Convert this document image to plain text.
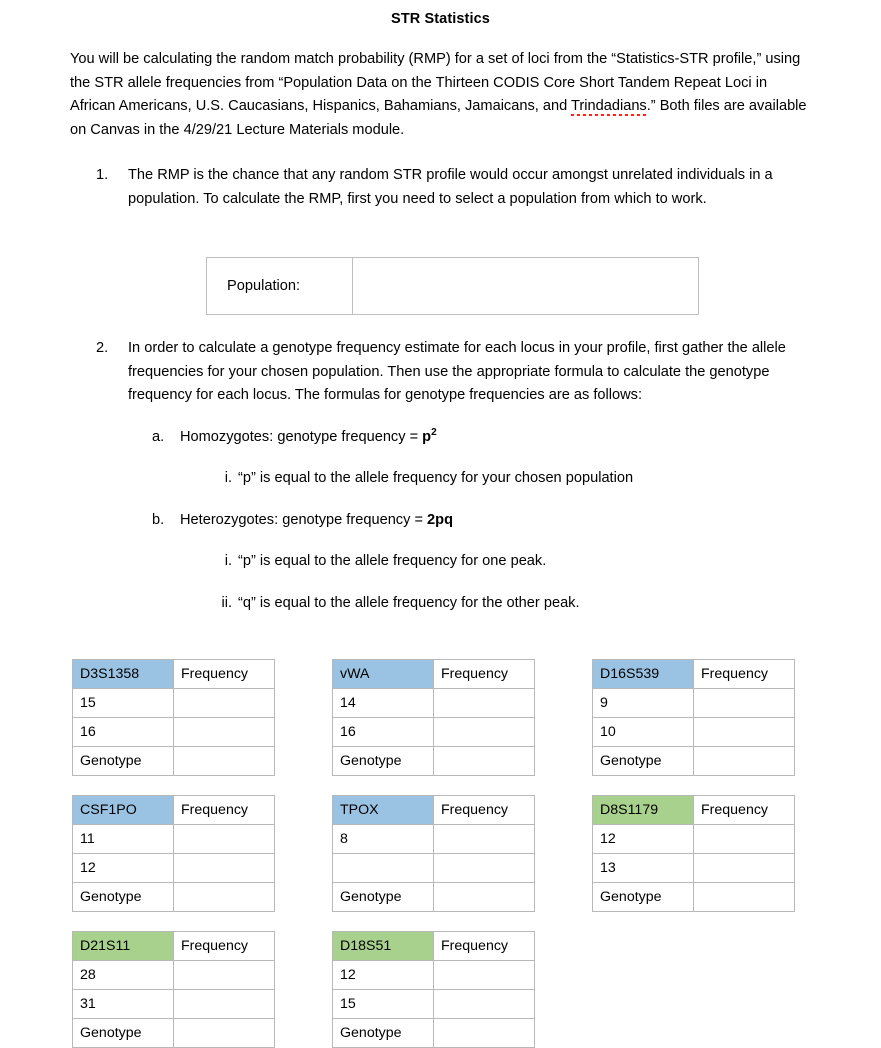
STR Statistics

You will be calculating the random match probability (RMP) for a set of loci from the “Statistics-STR profile,” using the STR allele frequencies from “Population Data on the Thirteen CODIS Core Short Tandem Repeat Loci in African Americans, U.S. Caucasians, Hispanics, Bahamians, Jamaicans, and Trindadians.” Both files are available on Canvas in the 4/29/21 Lecture Materials module.

1.	The RMP is the chance that any random STR profile would occur amongst unrelated individuals in a population. To calculate the RMP, first you need to select a population from which to work.
Population:	
2.	In order to calculate a genotype frequency estimate for each locus in your profile, first gather the allele frequencies for your chosen population. Then use the appropriate formula to calculate the genotype frequency for each locus. The formulas for genotype frequencies are as follows:
a.	Homozygotes: genotype frequency = $p^2$
i. “p” is equal to the allele frequency for your chosen population
b.	Heterozygotes: genotype frequency = 2pq
i. “p” is equal to the allele frequency for one peak.
ii. “q” is equal to the allele frequency for the other peak.
D3S1358	Frequency
15	
16	
Genotype	
vWA	Frequency
14	
16	
Genotype	
D16S539	Frequency
9	
10	
Genotype	
CSF1PO	Frequency
11	
12	
Genotype	
TPOX	Frequency
8	

Genotype	
D8S1179	Frequency
12	
13	
Genotype	
D21S11	Frequency
28	
31	
Genotype	
D18S51	Frequency
12	
15	
Genotype	
